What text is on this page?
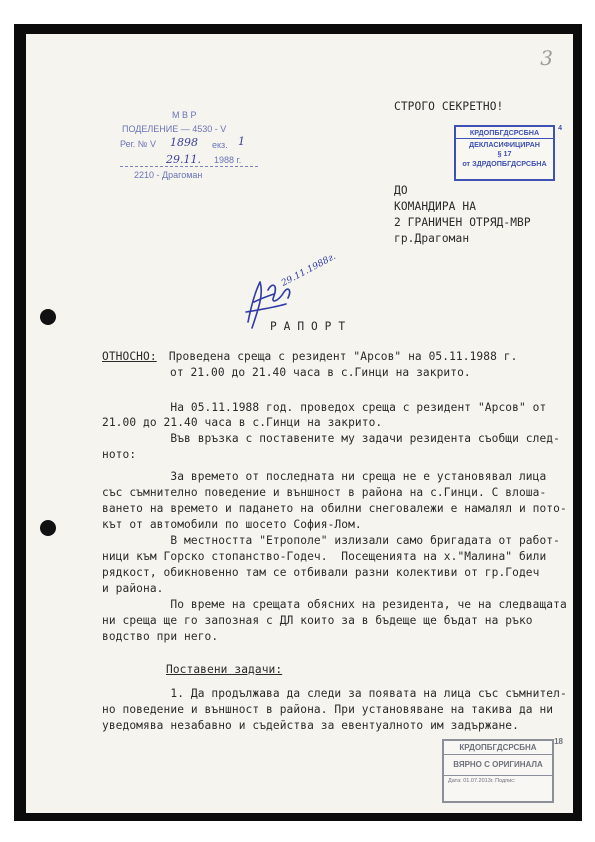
3
М В Р
ПОДЕЛЕНИЕ — 4530 - V
Рег. № V 1898 екз. 1
29.11. 1988 г.
2210 - Драгоман
СТРОГО СЕКРЕТНО!
4
КРДОПБГДСРСБНА
ДЕКЛАСИФИЦИРАН
§ 17
от ЗДРДОПБГДСРСБНА
ДО
КОМАНДИРА НА
2 ГРАНИЧЕН ОТРЯД-МВР
гр.Драгоман
29.11.1988г.
Р А П О Р Т
ОТНОСНО: Проведена среща с резидент "Арсов" на 05.11.1988 г.
от 21.00 до 21.40 часа в с.Гинци на закрито.
На 05.11.1988 год. проведох среща с резидент "Арсов" от
21.00 до 21.40 часа в с.Гинци на закрито.
Във връзка с поставените му задачи резидента съобщи след-
ното:
За времето от последната ни среща не е установявал лица
със съмнително поведение и външност в района на с.Гинци. С влоша-
ването на времето и падането на обилни снеговалежи е намалял и пото-
кът от автомобили по шосето София-Лом.
В местността "Етрополе" излизали само бригадата от работ-
ници към Горско стопанство-Годеч.  Посещенията на х."Малина" били
рядкост, обикновенно там се отбивали разни колективи от гр.Годеч
и района.
По време на срещата обясних на резидента, че на следващата
ни среща ще го запозная с ДЛ които за в бъдеще ще бъдат на ръко
водство при него.
Поставени задачи:
1. Да продължава да следи за появата на лица със съмнител-
но поведение и външност в района. При установяване на такива да ни
уведомява незабавно и съдейства за евентуалното им задържане.
18
КРДОПБГДСРСБНА
ВЯРНО С ОРИГИНАЛА
Дата: 01.07.2013г. Подпис:
